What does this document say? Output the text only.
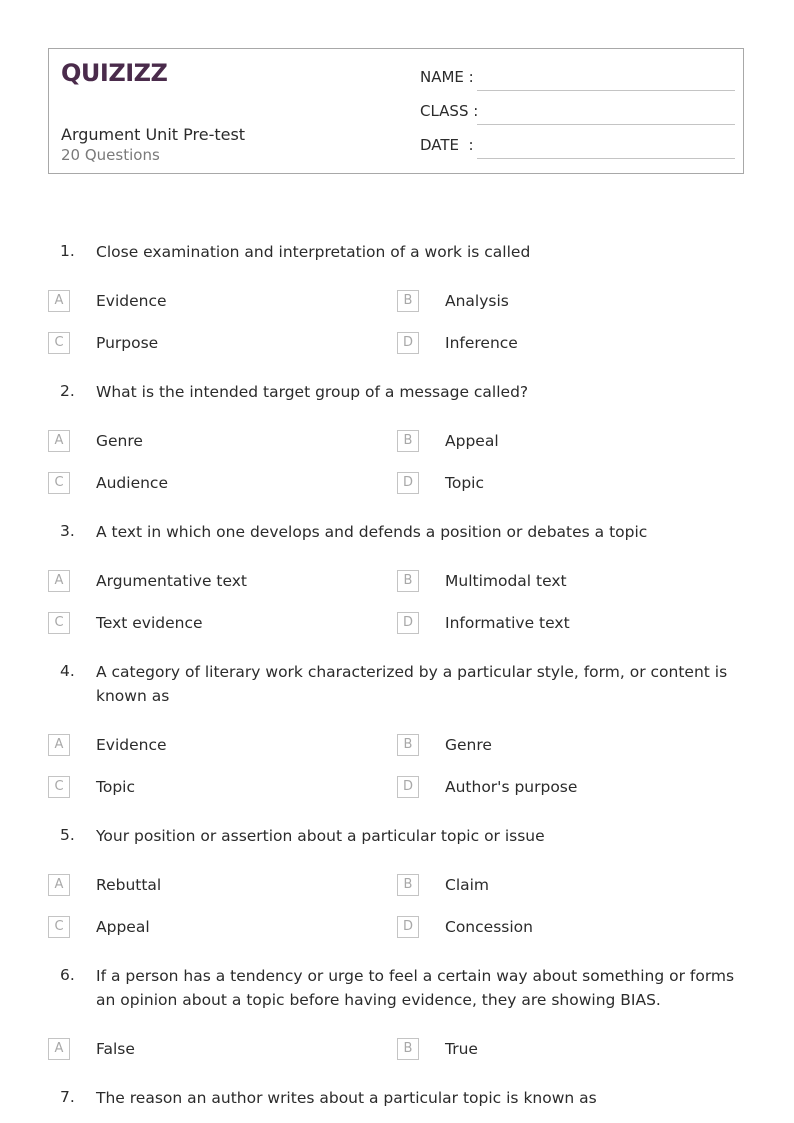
QUIZIZZ
Argument Unit Pre-test
20 Questions
NAME :
CLASS :
DATE  :
1. Close examination and interpretation of a work is called
A	Evidence	B	Analysis
C	Purpose	D	Inference
2. What is the intended target group of a message called?
A	Genre	B	Appeal
C	Audience	D	Topic
3. A text in which one develops and defends a position or debates a topic
A	Argumentative text	B	Multimodal text
C	Text evidence	D	Informative text
4. A category of literary work characterized by a particular style, form, or content is known as
A	Evidence	B	Genre
C	Topic	D	Author's purpose
5. Your position or assertion about a particular topic or issue
A	Rebuttal	B	Claim
C	Appeal	D	Concession
6. If a person has a tendency or urge to feel a certain way about something or forms an opinion about a topic before having evidence, they are showing BIAS.
A	False	B	True
7. The reason an author writes about a particular topic is known as
